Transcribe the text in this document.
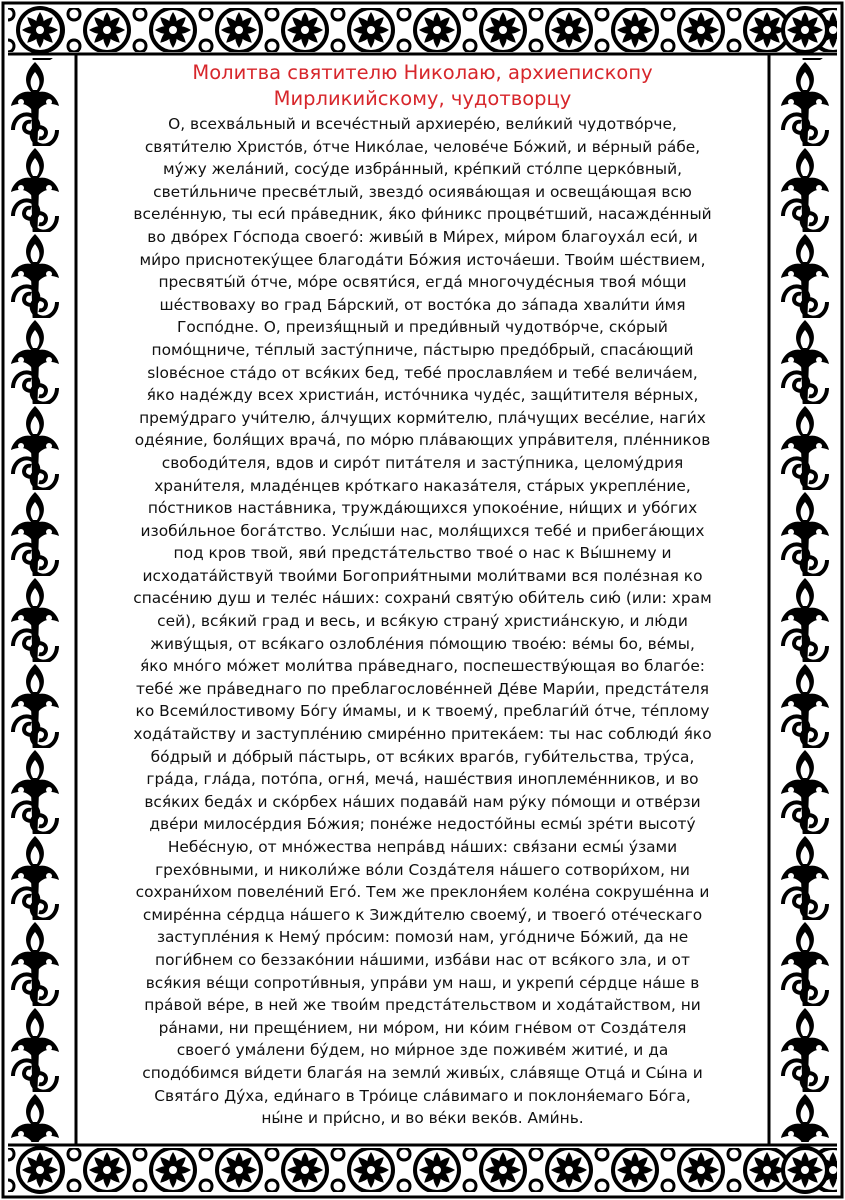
Молитва святителю Николаю, архиепископу
Мирликийскому, чудотворцу

О, всехва́льный и всече́стный архиере́ю, вели́кий чудотво́рче,
святи́телю Христо́в, о́тче Нико́лае, челове́че Бо́жий, и ве́рный ра́бе,
му́жу жела́ний, сосу́де избра́нный, кре́пкий сто́лпе церко́вный,
свети́льниче пресве́тлый, звездо́ осиява́ющая и освеща́ющая всю
вселе́нную, ты еси́ пра́ведник, я́ко фи́никс процве́тший, насажде́нный
во дво́рех Го́спода своего́: живы́й в Ми́рех, ми́ром благоуха́л еси́, и
ми́ро приснотеку́щее благода́ти Бо́жия источа́еши. Твои́м ше́ствием,
пресвяты́й о́тче, мо́ре освяти́ся, егда́ многочуде́сныя твоя́ мо́щи
ше́ствоваху во град Ба́рский, от восто́ка до за́пада хвали́ти и́мя
Госпо́дне. О, преизя́щный и преди́вный чудотво́рче, ско́рый
помо́щниче, те́плый засту́пниче, па́стырю предо́брый, спаса́ющий
slове́сное ста́до от вся́ких бед, тебе́ прославля́ем и тебе́ велича́ем,
я́ко наде́жду всех христиа́н, исто́чника чуде́с, защи́тителя ве́рных,
прему́драго учи́телю, а́лчущих корми́телю, пла́чущих весе́лие, наги́х
оде́яние, боля́щих врача́, по мо́рю пла́вающих упра́вителя, пле́нников
свободи́теля, вдов и сиро́т пита́теля и засту́пника, целому́дрия
храни́теля, младе́нцев кро́ткаго наказа́теля, ста́рых укрепле́ние,
по́стников наста́вника, тружда́ющихся упокое́ние, ни́щих и убо́гих
изоби́льное бога́тство. Услы́ши нас, моля́щихся тебе́ и прибега́ющих
под кров твой, яви́ предста́тельство твое́ о нас к Вы́шнему и
исходата́йствуй твои́ми Богоприя́тными моли́твами вся поле́зная ко
спасе́нию душ и теле́с на́ших: сохрани́ святу́ю оби́тель сию́ (или: храм
сей), вся́кий град и весь, и вся́кую страну́ христиа́нскую, и лю́ди
живу́щыя, от вся́каго озлобле́ния по́мощию твое́ю: ве́мы бо, ве́мы,
я́ко мно́го мо́жет моли́тва пра́веднаго, поспешеству́ющая во благо́е:
тебе́ же пра́веднаго по преблагослове́нней Де́ве Мари́и, предста́теля
ко Всеми́лостивому Бо́гу и́мамы, и к твоему́, преблаги́й о́тче, те́плому
хода́тайству и заступле́нию смире́нно притека́ем: ты нас соблюди́ я́ко
бо́дрый и до́брый па́стырь, от вся́ких враго́в, губи́тельства, тру́са,
гра́да, гла́да, пото́па, огня́, меча́, наше́ствия иноплеме́нников, и во
вся́ких беда́х и ско́рбех на́ших подава́й нам ру́ку по́мощи и отве́рзи
две́ри милосе́рдия Бо́жия; поне́же недосто́йны есмы́ зре́ти высоту́
Небе́сную, от мно́жества непра́вд на́ших: свя́зани есмы́ у́зами
грехо́вными, и николи́же во́ли Созда́теля на́шего сотвори́хом, ни
сохрани́хом повеле́ний Его́. Тем же преклоня́ем коле́на сокруше́нна и
смире́нна се́рдца на́шего к Зижди́телю своему́, и твоего́ оте́ческаго
заступле́ния к Нему́ про́сим: помози́ нам, уго́дниче Бо́жий, да не
поги́бнем со беззако́нии на́шими, изба́ви нас от вся́кого зла, и от
вся́кия ве́щи сопроти́вныя, упра́ви ум наш, и укрепи́ се́рдце на́ше в
пра́вой ве́ре, в ней же твои́м предста́тельством и хода́тайством, ни
ра́нами, ни преще́нием, ни мо́ром, ни ко́им гне́вом от Созда́теля
своего́ ума́лени бу́дем, но ми́рное зде поживе́м житие́, и да
сподо́бимся ви́дети блага́я на земли́ живы́х, сла́вяще Отца́ и Сы́на и
Свята́го Ду́ха, еди́наго в Тро́ице сла́вимаго и поклоня́емаго Бо́га,
ны́не и при́сно, и во ве́ки веко́в. Ами́нь.
